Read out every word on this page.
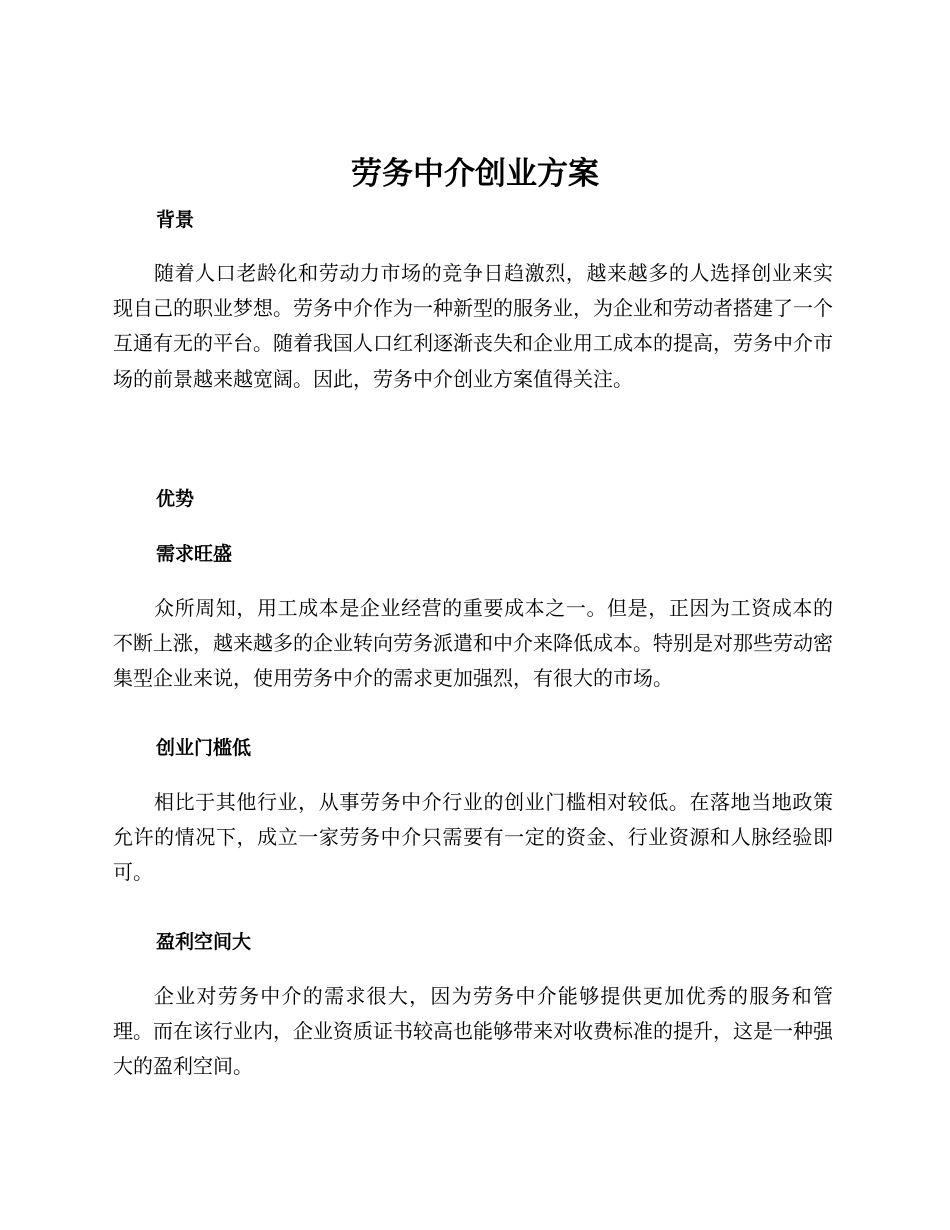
劳务中介创业方案
背景

随着人口老龄化和劳动力市场的竞争日趋激烈，越来越多的人选择创业来实现自己的职业梦想。劳务中介作为一种新型的服务业，为企业和劳动者搭建了一个互通有无的平台。随着我国人口红利逐渐丧失和企业用工成本的提高，劳务中介市场的前景越来越宽阔。因此，劳务中介创业方案值得关注。

优势
需求旺盛

众所周知，用工成本是企业经营的重要成本之一。但是，正因为工资成本的不断上涨，越来越多的企业转向劳务派遣和中介来降低成本。特别是对那些劳动密集型企业来说，使用劳务中介的需求更加强烈，有很大的市场。

创业门槛低

相比于其他行业，从事劳务中介行业的创业门槛相对较低。在落地当地政策允许的情况下，成立一家劳务中介只需要有一定的资金、行业资源和人脉经验即可。

盈利空间大

企业对劳务中介的需求很大，因为劳务中介能够提供更加优秀的服务和管理。而在该行业内，企业资质证书较高也能够带来对收费标准的提升，这是一种强大的盈利空间。
